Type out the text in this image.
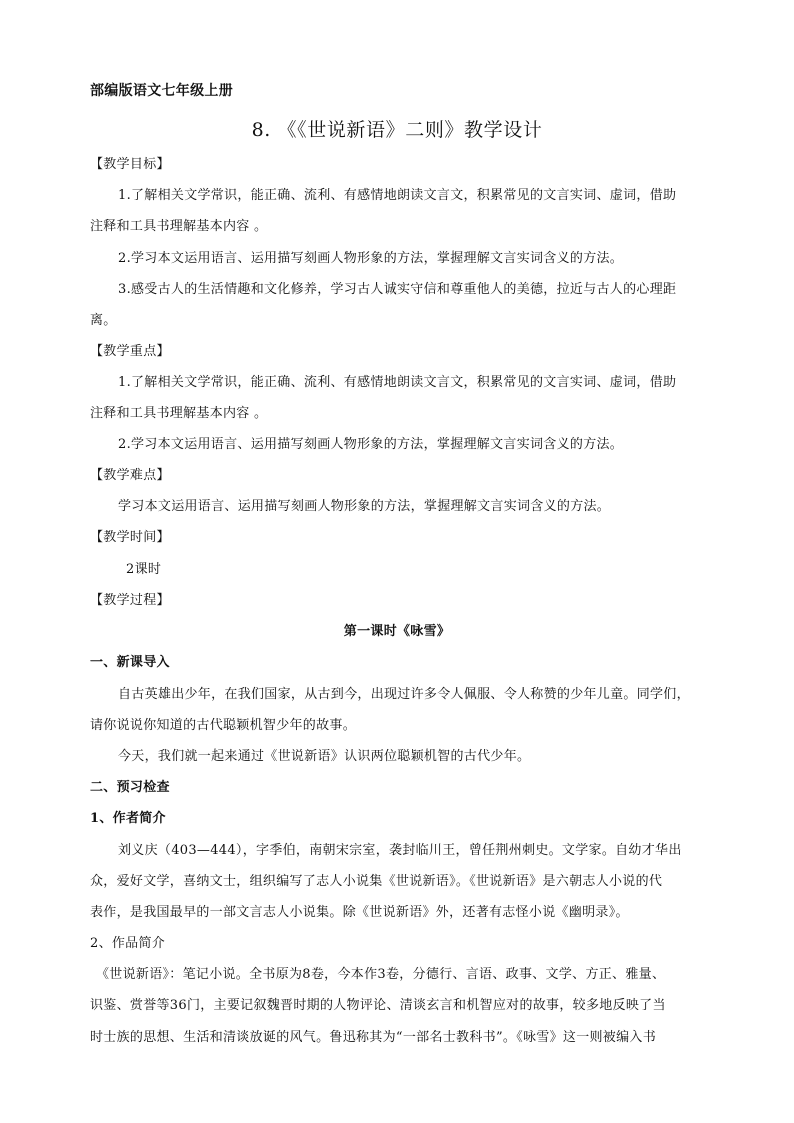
部编版语文七年级上册
8. 《《世说新语》二则》教学设计
【教学目标】
1.了解相关文学常识，能正确、流利、有感情地朗读文言文，积累常见的文言实词、虚词，借助
注释和工具书理解基本内容 。
2.学习本文运用语言、运用描写刻画人物形象的方法，掌握理解文言实词含义的方法。
3.感受古人的生活情趣和文化修养，学习古人诚实守信和尊重他人的美德，拉近与古人的心理距
离。
【教学重点】
1.了解相关文学常识，能正确、流利、有感情地朗读文言文，积累常见的文言实词、虚词，借助
注释和工具书理解基本内容 。
2.学习本文运用语言、运用描写刻画人物形象的方法，掌握理解文言实词含义的方法。
【教学难点】
学习本文运用语言、运用描写刻画人物形象的方法，掌握理解文言实词含义的方法。
【教学时间】
2课时
【教学过程】
第一课时《咏雪》
一、新课导入
自古英雄出少年，在我们国家，从古到今，出现过许多令人佩服、令人称赞的少年儿童。同学们，
请你说说你知道的古代聪颖机智少年的故事。
今天，我们就一起来通过《世说新语》认识两位聪颖机智的古代少年。
二、预习检查
1、作者简介
刘义庆（403—444），字季伯，南朝宋宗室，袭封临川王，曾任荆州刺史。文学家。自幼才华出
众，爱好文学，喜纳文士，组织编写了志人小说集《世说新语》。《世说新语》是六朝志人小说的代
表作，是我国最早的一部文言志人小说集。除《世说新语》外，还著有志怪小说《幽明录》。
2、作品简介
《世说新语》：笔记小说。全书原为8卷，今本作3卷，分德行、言语、政事、文学、方正、雅量、
识鉴、赏誉等36门，主要记叙魏晋时期的人物评论、清谈玄言和机智应对的故事，较多地反映了当
时士族的思想、生活和清谈放诞的风气。鲁迅称其为“一部名士教科书”。《咏雪》这一则被编入书
